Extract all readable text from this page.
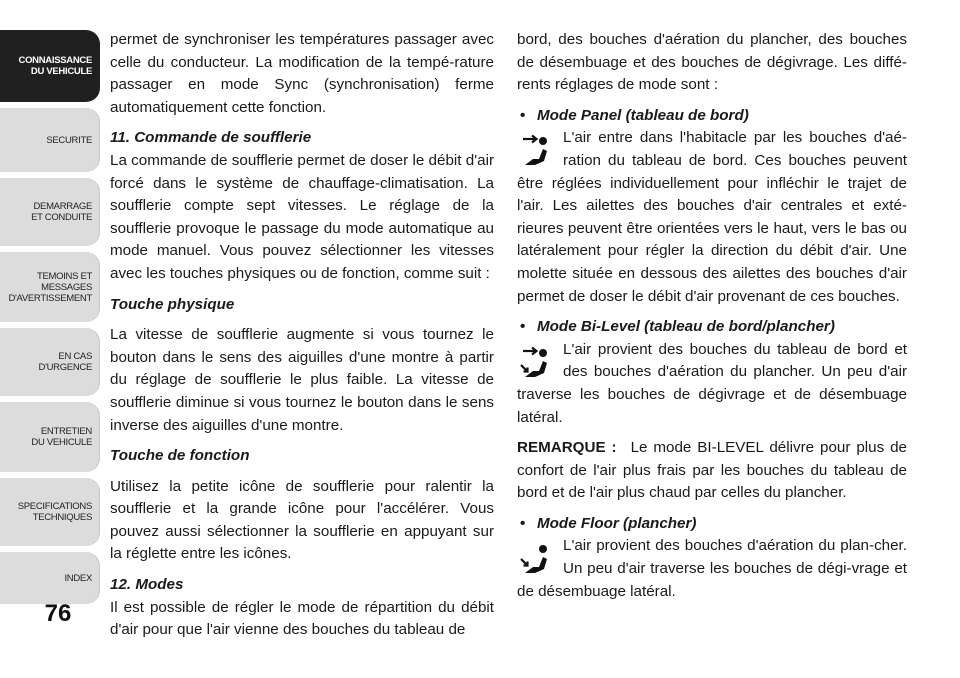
CONNAISSANCE
DU VEHICULE
SECURITE
DEMARRAGE
ET CONDUITE
TEMOINS ET
MESSAGES
D'AVERTISSEMENT
EN CAS
D'URGENCE
ENTRETIEN
DU VEHICULE
SPECIFICATIONS
TECHNIQUES
INDEX
76

permet de synchroniser les températures passager avec celle du conducteur. La modification de la tempé-rature passager en mode Sync (synchronisation) ferme automatiquement cette fonction.

11. Commande de soufflerie

La commande de soufflerie permet de doser le débit d'air forcé dans le système de chauffage-climatisation. La soufflerie compte sept vitesses. Le réglage de la soufflerie provoque le passage du mode automatique au mode manuel. Vous pouvez sélectionner les vitesses avec les touches physiques ou de fonction, comme suit :

Touche physique

La vitesse de soufflerie augmente si vous tournez le bouton dans le sens des aiguilles d'une montre à partir du réglage de soufflerie le plus faible. La vitesse de soufflerie diminue si vous tournez le bouton dans le sens inverse des aiguilles d'une montre.

Touche de fonction

Utilisez la petite icône de soufflerie pour ralentir la soufflerie et la grande icône pour l'accélérer. Vous pouvez aussi sélectionner la soufflerie en appuyant sur la réglette entre les icônes.

12. Modes

Il est possible de régler le mode de répartition du débit d'air pour que l'air vienne des bouches du tableau de

bord, des bouches d'aération du plancher, des bouches de désembuage et des bouches de dégivrage. Les diffé-rents réglages de mode sont :

• Mode Panel (tableau de bord)

L'air entre dans l'habitacle par les bouches d'aé-ration du tableau de bord. Ces bouches peuvent être réglées individuellement pour infléchir le trajet de l'air. Les ailettes des bouches d'air centrales et exté-rieures peuvent être orientées vers le haut, vers le bas ou latéralement pour régler la direction du débit d'air. Une molette située en dessous des ailettes des bouches d'air permet de doser le débit d'air provenant de ces bouches.

• Mode Bi-Level (tableau de bord/plancher)

L'air provient des bouches du tableau de bord et des bouches d'aération du plancher. Un peu d'air traverse les bouches de dégivrage et de désembuage latéral.

REMARQUE : Le mode BI-LEVEL délivre pour plus de confort de l'air plus frais par les bouches du tableau de bord et de l'air plus chaud par celles du plancher.

• Mode Floor (plancher)

L'air provient des bouches d'aération du plan-cher. Un peu d'air traverse les bouches de dégi-vrage et de désembuage latéral.
